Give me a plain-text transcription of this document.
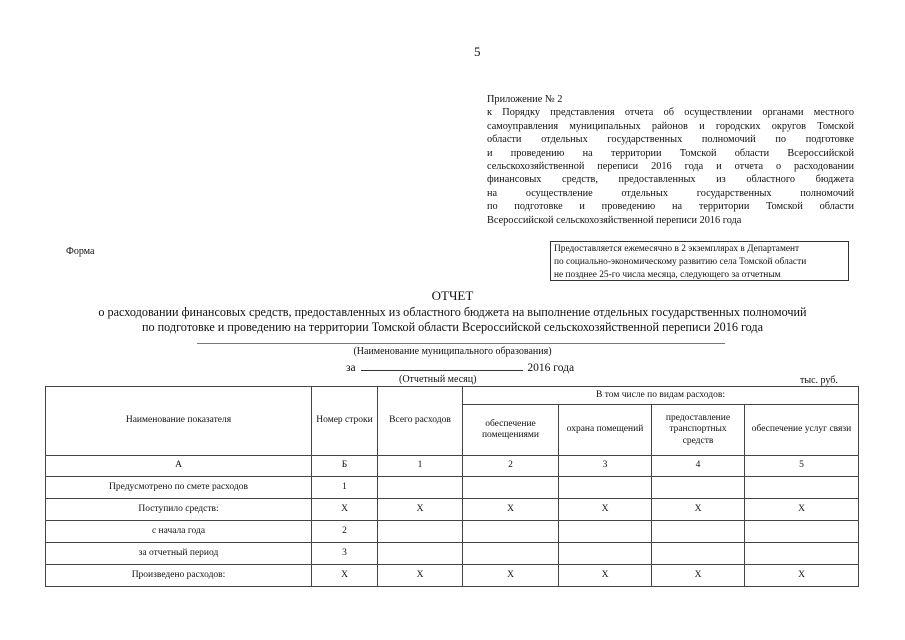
5
Приложение № 2
к Порядку представления отчета об осуществлении органами местного
самоуправления муниципальных районов и городских округов Томской
области отдельных государственных полномочий по подготовке
и проведению на территории Томской области Всероссийской
сельскохозяйственной переписи 2016 года и отчета о расходовании
финансовых средств, предоставленных из областного бюджета
на осуществление отдельных государственных полномочий
по подготовке и проведению на территории Томской области
Всероссийской сельскохозяйственной переписи 2016 года
Форма	Предоставляется ежемесячно в 2 экземплярах в Департамент
по социально-экономическому развитию села Томской области
не позднее 25-го числа месяца, следующего за отчетным
ОТЧЕТ
о расходовании финансовых средств, предоставленных из областного бюджета на выполнение отдельных государственных полномочий
по подготовке и проведению на территории Томской области Всероссийской сельскохозяйственной переписи 2016 года
(Наименование муниципального образования)
за	2016 года
(Отчетный месяц)	тыс. руб.
Наименование показателя	Номер строки	Всего расходов	В том числе по видам расходов:			
			обеспечение помещениями	охрана помещений	предоставление транспортных средств	обеспечение услуг связи
А	Б	1	2	3	4	5
Предусмотрено по смете расходов	1					
Поступило средств:	Х	Х	Х	Х	Х	Х
с начала года	2					
за отчетный период	3					
Произведено расходов:	Х	Х	Х	Х	Х	Х
